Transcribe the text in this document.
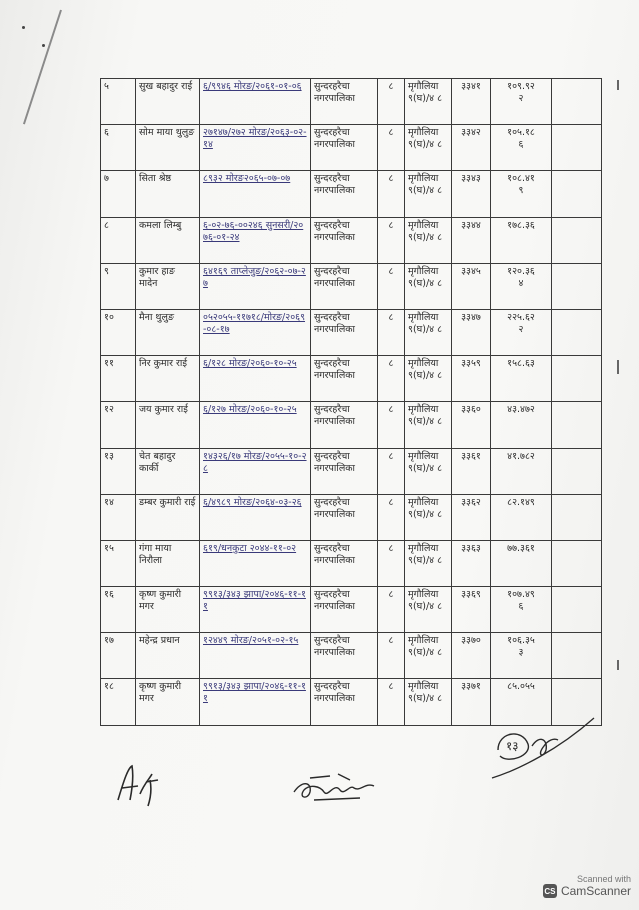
५	सुख बहादुर राई	६/९९४६ मोरङ/२०६१-०१-०६	सुन्दरहरैचा नगरपालिका	८	मृगौलिया ९(घ)/४ ८	३३४१	१०९.९२
२	
६	सोम माया थुलुङ	२७१४७/२७२ मोरङ/२०६३-०२-१४	सुन्दरहरैचा नगरपालिका	८	मृगौलिया ९(घ)/४ ८	३३४२	१०५.१८
६	
७	सिता श्रेष्ठ	८९३२ मोरङ२०६५-०७-०७	सुन्दरहरैचा नगरपालिका	८	मृगौलिया ९(घ)/४ ८	३३४३	१०८.४१
९	
८	कमला लिम्बु	६-०२-७६-००२४६ सुनसरी/२०७६-०१-२४	सुन्दरहरैचा नगरपालिका	८	मृगौलिया ९(घ)/४ ८	३३४४	१७८.३६	
९	कुमार हाङ मादेन	६४१६९ ताप्लेजुङ/२०६२-०७-२७	सुन्दरहरैचा नगरपालिका	८	मृगौलिया ९(घ)/४ ८	३३४५	१२०.३६
४	
१०	मैना थुलुङ	०५२०५५-११७१८/मोरङ/२०६९-०८-१७	सुन्दरहरैचा नगरपालिका	८	मृगौलिया ९(घ)/४ ८	३३४७	२२५.६२
२	
११	निर कुमार राई	६/१२८ मोरङ/२०६०-१०-२५	सुन्दरहरैचा नगरपालिका	८	मृगौलिया ९(घ)/४ ८	३३५९	१५८.६३	
१२	जय कुमार राई	६/१२७ मोरङ/२०६०-१०-२५	सुन्दरहरैचा नगरपालिका	८	मृगौलिया ९(घ)/४ ८	३३६०	४३.४७२	
१३	चेत बहादुर कार्की	१४३२६/१७ मोरङ/२०५५-१०-२८	सुन्दरहरैचा नगरपालिका	८	मृगौलिया ९(घ)/४ ८	३३६१	४१.७८२	
१४	डम्बर कुमारी राई	६/४९८९ मोरङ/२०६४-०३-२६	सुन्दरहरैचा नगरपालिका	८	मृगौलिया ९(घ)/४ ८	३३६२	८२.१४९	
१५	गंगा माया निरौला	६१९/धनकुटा २०४४-११-०२	सुन्दरहरैचा नगरपालिका	८	मृगौलिया ९(घ)/४ ८	३३६३	७७.३६१	
१६	कृष्ण कुमारी मगर	९९१३/३४३ झापा/२०४६-११-११	सुन्दरहरैचा नगरपालिका	८	मृगौलिया ९(घ)/४ ८	३३६९	१०७.४९
६	
१७	महेन्द्र प्रधान	१२४४९ मोरङ/२०५१-०२-१५	सुन्दरहरैचा नगरपालिका	८	मृगौलिया ९(घ)/४ ८	३३७०	१०६.३५
३	
१८	कृष्ण कुमारी मगर	९९१३/३४३ झापा/२०४६-११-११	सुन्दरहरैचा नगरपालिका	८	मृगौलिया ९(घ)/४ ८	३३७१	८५.०५५	
१३
Scanned with
CS CamScanner
